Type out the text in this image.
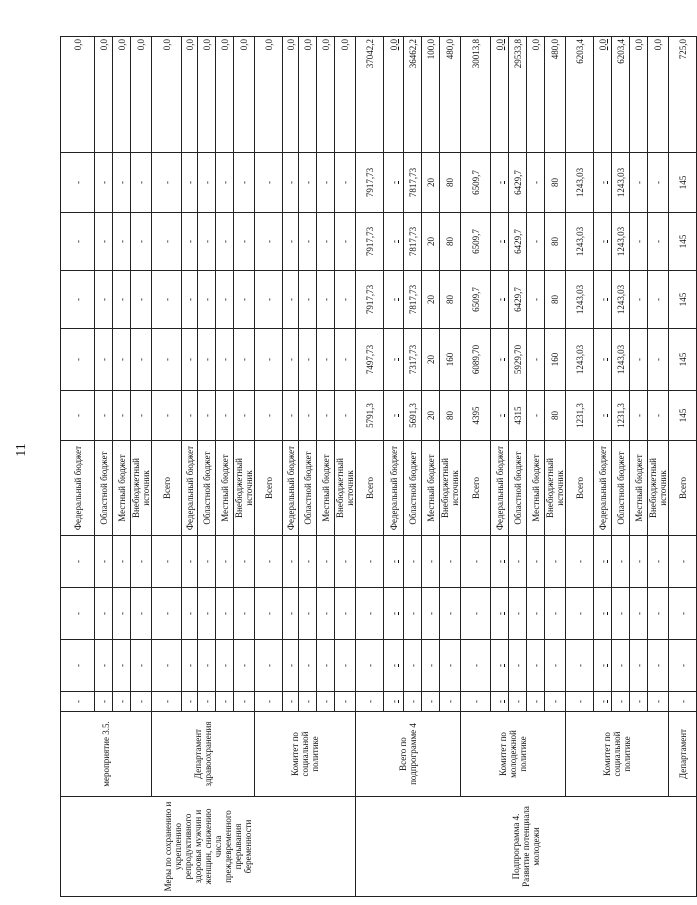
11
Меры по сохранению и укреплению репродуктивного здоровья мужчин и женщин, снижению числа преждевременного прерывания беременности	мероприятие 3.5.	-	-	-	-	Федеральный бюджет	-	-	-	-	-	0,0
		-	-	-	-	Областной бюджет	-	-	-	-	-	0,0
		-	-	-	-	Местный бюджет	-	-	-	-	-	0,0
		-	-	-	-	Внебюджетный источник	-	-	-	-	-	0,0
	Департамент здравоохранения	-	-	-	-	Всего	-	-	-	-	-	0,0
		-	-	-	-	Федеральный бюджет	-	-	-	-	-	0,0
		-	-	-	-	Областной бюджет	-	-	-	-	-	0,0
		-	-	-	-	Местный бюджет	-	-	-	-	-	0,0
		-	-	-	-	Внебюджетный источник	-	-	-	-	-	0,0
	Комитет по социальной политике	-	-	-	-	Всего	-	-	-	-	-	0,0
		-	-	-	-	Федеральный бюджет	-	-	-	-	-	0,0
		-	-	-	-	Областной бюджет	-	-	-	-	-	0,0
		-	-	-	-	Местный бюджет	-	-	-	-	-	0,0
		-	-	-	-	Внебюджетный источник	-	-	-	-	-	0,0
Подпрограмма 4. Развитие потенциала молодежи	Всего по подпрограмме 4	-	-	-	-	Всего	5791,3	7497,73	7917,73	7917,73	7917,73	37042,2
		-	-	-	-	Федеральный бюджет	-	-	-	-	-	0,0
		-	-	-	-	Областной бюджет	5691,3	7317,73	7817,73	7817,73	7817,73	36462,2
		-	-	-	-	Местный бюджет	20	20	20	20	20	100,0
		-	-	-	-	Внебюджетный источник	80	160	80	80	80	480,0
	Комитет по молодежной политике	-	-	-	-	Всего	4395	6089,70	6509,7	6509,7	6509,7	30013,8
		-	-	-	-	Федеральный бюджет	-	-	-	-	-	0,0
		-	-	-	-	Областной бюджет	4315	5929,70	6429,7	6429,7	6429,7	29533,8
		-	-	-	-	Местный бюджет	-	-	-	-	-	0,0
		-	-	-	-	Внебюджетный источник	80	160	80	80	80	480,0
	Комитет по социальной политике	-	-	-	-	Всего	1231,3	1243,03	1243,03	1243,03	1243,03	6203,4
		-	-	-	-	Федеральный бюджет	-	-	-	-	-	0,0
		-	-	-	-	Областной бюджет	1231,3	1243,03	1243,03	1243,03	1243,03	6203,4
		-	-	-	-	Местный бюджет	-	-	-	-	-	0,0
		-	-	-	-	Внебюджетный источник	-	-	-	-	-	0,0
	Департамент	-	-	-	-	Всего	145	145	145	145	145	725,0
